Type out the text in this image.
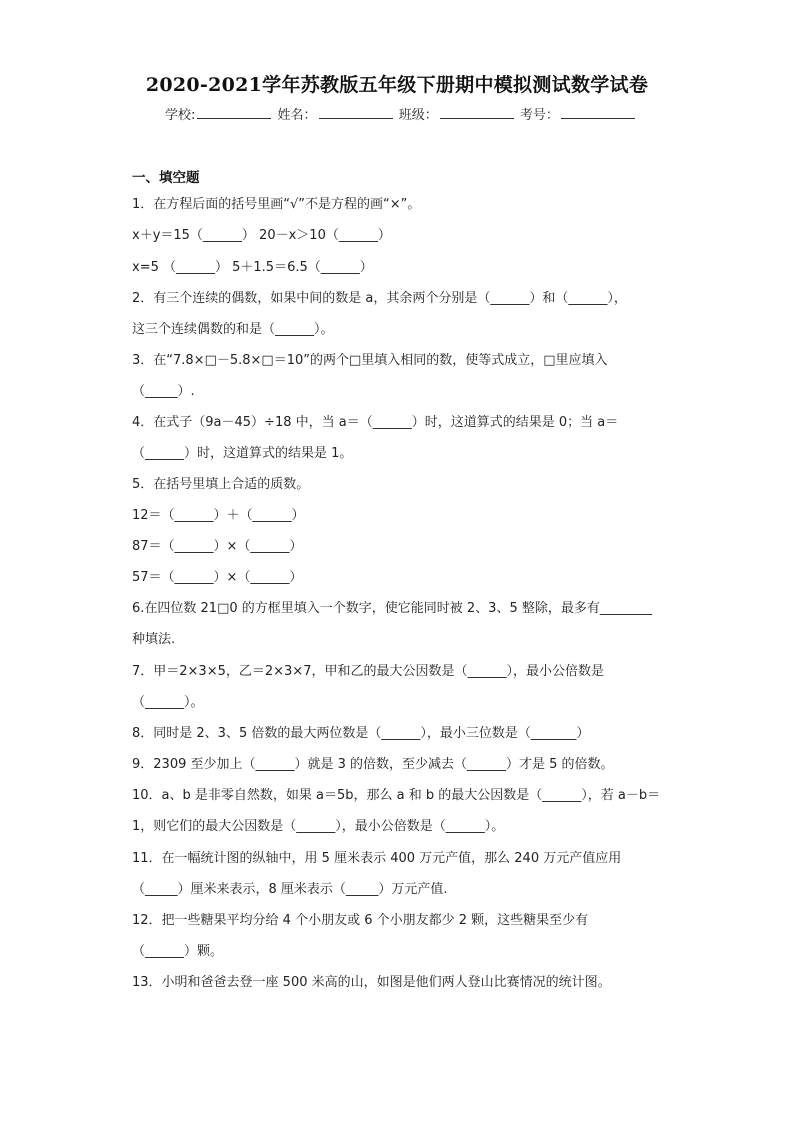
2020-2021学年苏教版五年级下册期中模拟测试数学试卷
学校:	姓名：	班级：	考号：
一、填空题
1．在方程后面的括号里画“√”不是方程的画“×”。
x＋y＝15（______） 20－x＞10（______）
x=5 （______） 5＋1.5＝6.5（______）
2．有三个连续的偶数，如果中间的数是 a，其余两个分别是（______）和（______），
这三个连续偶数的和是（______）。
3．在“7.8×□－5.8×□＝10”的两个□里填入相同的数，使等式成立，□里应填入
（_____）.
4．在式子（9a－45）÷18 中，当 a＝（______）时，这道算式的结果是 0；当 a＝
（______）时，这道算式的结果是 1。
5．在括号里填上合适的质数。
12＝（______）＋（______）
87＝（______）×（______）
57＝（______）×（______）
6.在四位数 21□0 的方框里填入一个数字，使它能同时被 2、3、5 整除，最多有________
种填法.
7．甲＝2×3×5，乙＝2×3×7，甲和乙的最大公因数是（______），最小公倍数是
（______）。
8．同时是 2、3、5 倍数的最大两位数是（______），最小三位数是（_______）
9．2309 至少加上（______）就是 3 的倍数，至少减去（______）才是 5 的倍数。
10．a、b 是非零自然数，如果 a＝5b，那么 a 和 b 的最大公因数是（______），若 a－b＝
1，则它们的最大公因数是（______），最小公倍数是（______）。
11．在一幅统计图的纵轴中，用 5 厘米表示 400 万元产值，那么 240 万元产值应用
（_____）厘米来表示，8 厘米表示（_____）万元产值.
12．把一些糖果平均分给 4 个小朋友或 6 个小朋友都少 2 颗，这些糖果至少有
（______）颗。
13．小明和爸爸去登一座 500 米高的山，如图是他们两人登山比赛情况的统计图。
